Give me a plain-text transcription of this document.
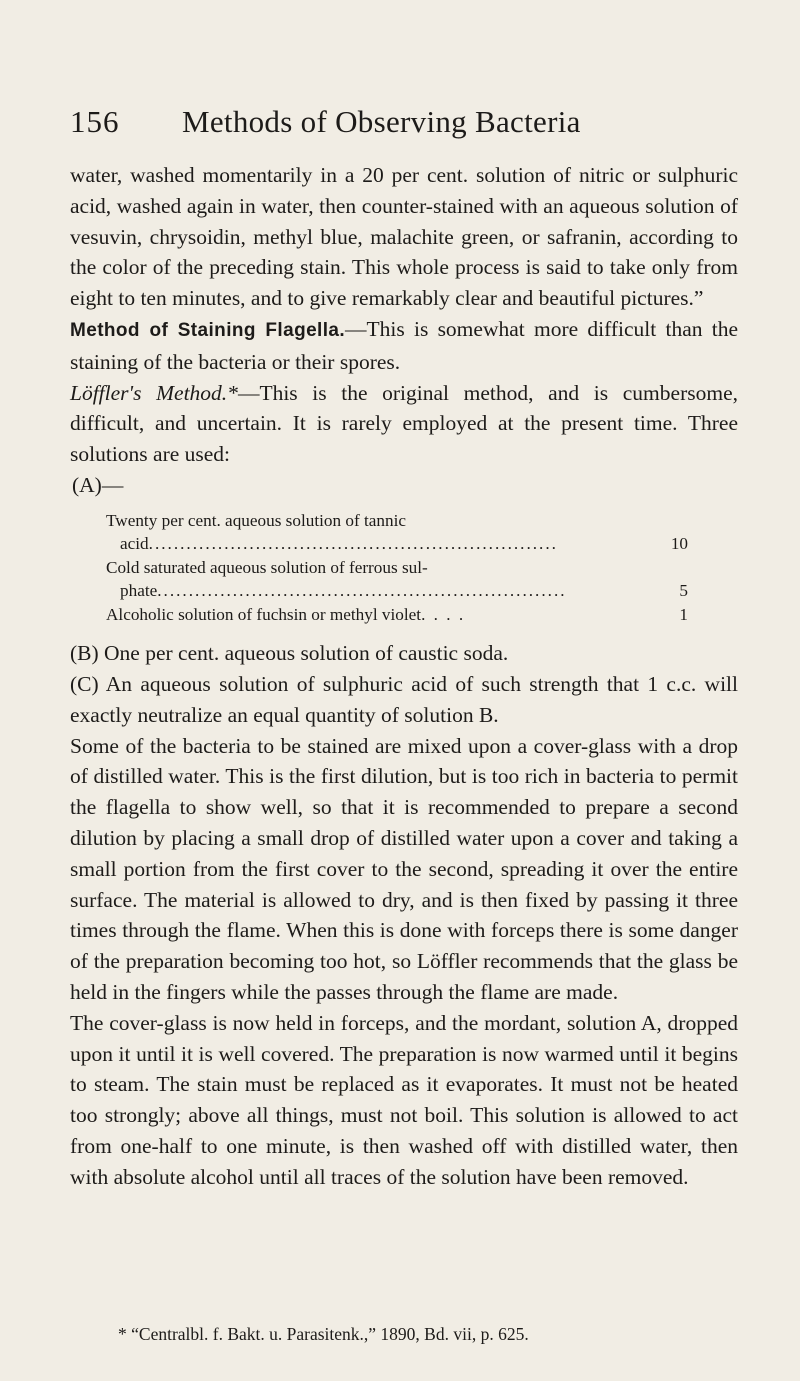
156 Methods of Observing Bacteria

water, washed momentarily in a 20 per cent. solution of nitric or sulphuric acid, washed again in water, then counter-stained with an aqueous solution of vesuvin, chrysoidin, methyl blue, malachite green, or safranin, according to the color of the preceding stain. This whole process is said to take only from eight to ten minutes, and to give remarkably clear and beautiful pictures.”

Method of Staining Flagella.—This is somewhat more difficult than the staining of the bacteria or their spores.

Löffler's Method.*—This is the original method, and is cumbersome, difficult, and uncertain. It is rarely employed at the present time. Three solutions are used:

(A)—
Twenty per cent. aqueous solution of tannic
acid .................................................................	10
Cold saturated aqueous solution of ferrous sul-
phate .................................................................	5
Alcoholic solution of fuchsin or methyl violet . . . .	1

(B) One per cent. aqueous solution of caustic soda.

(C) An aqueous solution of sulphuric acid of such strength that 1 c.c. will exactly neutralize an equal quantity of solution B.

Some of the bacteria to be stained are mixed upon a cover-glass with a drop of distilled water. This is the first dilution, but is too rich in bacteria to permit the flagella to show well, so that it is recommended to prepare a second dilution by placing a small drop of distilled water upon a cover and taking a small portion from the first cover to the second, spreading it over the entire surface. The material is allowed to dry, and is then fixed by passing it three times through the flame. When this is done with forceps there is some danger of the preparation becoming too hot, so Löffler recommends that the glass be held in the fingers while the passes through the flame are made.

The cover-glass is now held in forceps, and the mordant, solution A, dropped upon it until it is well covered. The preparation is now warmed until it begins to steam. The stain must be replaced as it evaporates. It must not be heated too strongly; above all things, must not boil. This solution is allowed to act from one-half to one minute, is then washed off with distilled water, then with absolute alcohol until all traces of the solution have been removed.

* “Centralbl. f. Bakt. u. Parasitenk.,” 1890, Bd. vii, p. 625.
